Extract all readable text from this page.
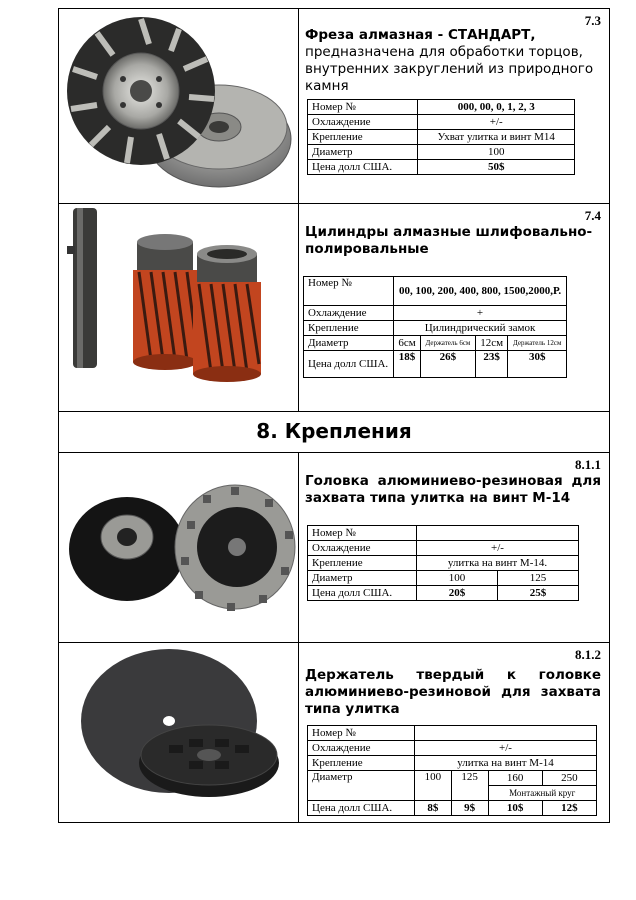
7.3
Фреза алмазная - СТАНДАРТ,
предназначена для обработки торцов, внутренних закруглений из природного камня
Номер №	000, 00, 0, 1, 2, 3
Охлаждение	+/-
Крепление	Ухват улитка и винт М14
Диаметр	100
Цена долл США.	50$
7.4
Цилиндры алмазные шлифовально-полировальные
Номер №	00, 100, 200, 400, 800, 1500,2000,Р.			
Охлаждение	+			
Крепление	Цилиндрический замок			
Диаметр	6см	Держатель 6см	12см	Держатель 12см
Цена долл США.	18$	26$	23$	30$
8. Крепления
8.1.1
Головка алюминиево-резиновая для захвата типа улитка на винт М-14
Номер №		
Охлаждение	+/-	
Крепление	улитка на винт М-14.	
Диаметр	100	125
Цена долл США.	20$	25$
8.1.2
Держатель твердый к головке алюминиево-резиновой для захвата типа улитка
Номер №				
Охлаждение	+/-			
Крепление	улитка на винт М-14			
Диаметр	100	125	160	250
			Монтажный круг	
Цена долл США.	8$	9$	10$	12$
